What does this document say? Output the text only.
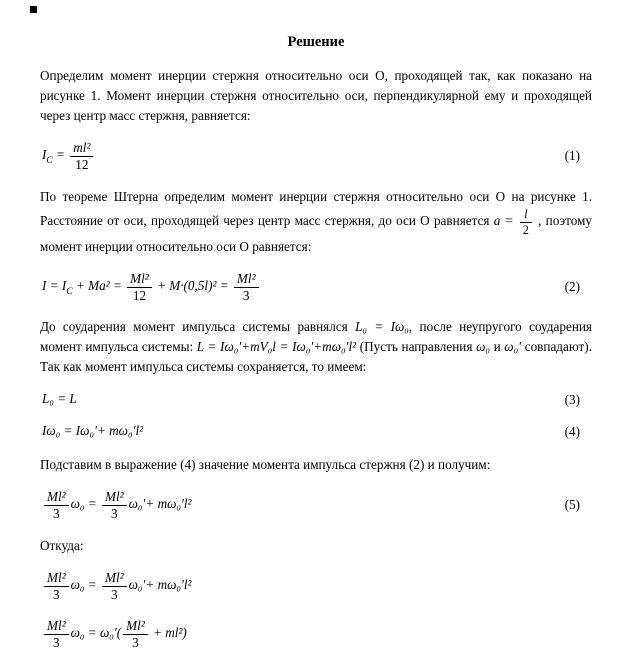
Решение

Определим момент инерции стержня относительно оси О, проходящей так, как показано на рисунке 1. Момент инерции стержня относительно оси, перпендикулярной ему и проходящей через центр масс стержня, равняется:

$I_C = \frac{\text{ml²}}{12}$	(1)

По теореме Штерна определим момент инерции стержня относительно оси О на рисунке 1. Расстояние от оси, проходящей через центр масс стержня, до оси О равняется $a = \frac{l}{2}$ , поэтому момент инерции относительно оси О равняется:

$I = I_C + Ma^2 = \frac{\text{Ml²}}{12} + M\cdot(0,5l)^2 = \frac{\text{Ml²}}{3}$	(2)

До соударения момент импульса системы равнялся L₀ = Iω₀, после неупругого соударения момент импульса системы: L = Iω₀′+mV₀l = Iω₀′+mω₀′l² (Пусть направления ω₀ и ω₀′ совпадают). Так как момент импульса системы сохраняется, то имеем:

L₀ = L	(3)
Iω₀ = Iω₀′+ mω₀′l²	(4)

Подставим в выражение (4) значение момента импульса стержня (2) и получим:

$\frac{\text{Ml²}}{3} \omega_0 = \frac{\text{Ml²}}{3} \omega_0'+ m\omega_0'l^2$	(5)

Откуда:

$\frac{\text{Ml²}}{3} \omega_0 = \frac{\text{Ml²}}{3} \omega_0'+ m\omega_0'l^2$
$\frac{\text{Ml²}}{3} \omega_0 = \omega_0'( \frac{\text{Ml²}}{3} + ml^2)$
